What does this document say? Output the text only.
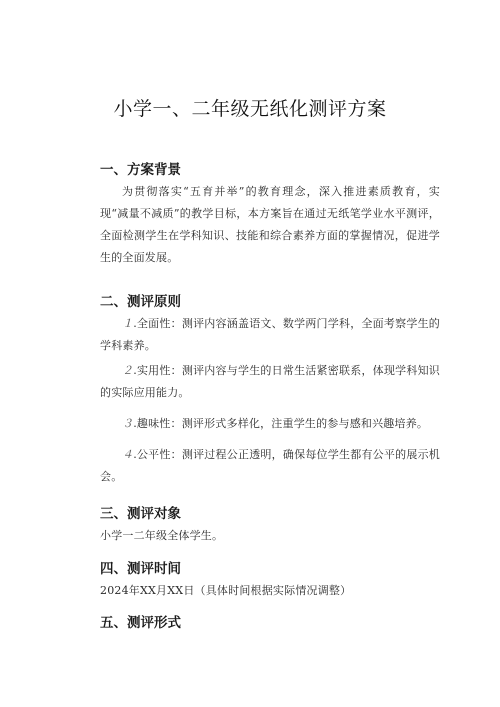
小学一、二年级无纸化测评方案
一、方案背景
为贯彻落实“五育并举”的教育理念，深入推进素质教育，实现“减量不减质”的教学目标，本方案旨在通过无纸笔学业水平测评，全面检测学生在学科知识、技能和综合素养方面的掌握情况，促进学生的全面发展。
二、测评原则
１.全面性：测评内容涵盖语文、数学两门学科，全面考察学生的学科素养。
２.实用性：测评内容与学生的日常生活紧密联系，体现学科知识的实际应用能力。
３.趣味性：测评形式多样化，注重学生的参与感和兴趣培养。
４.公平性：测评过程公正透明，确保每位学生都有公平的展示机会。
三、测评对象
小学一二年级全体学生。
四、测评时间
2024年XX月XX日（具体时间根据实际情况调整）
五、测评形式
